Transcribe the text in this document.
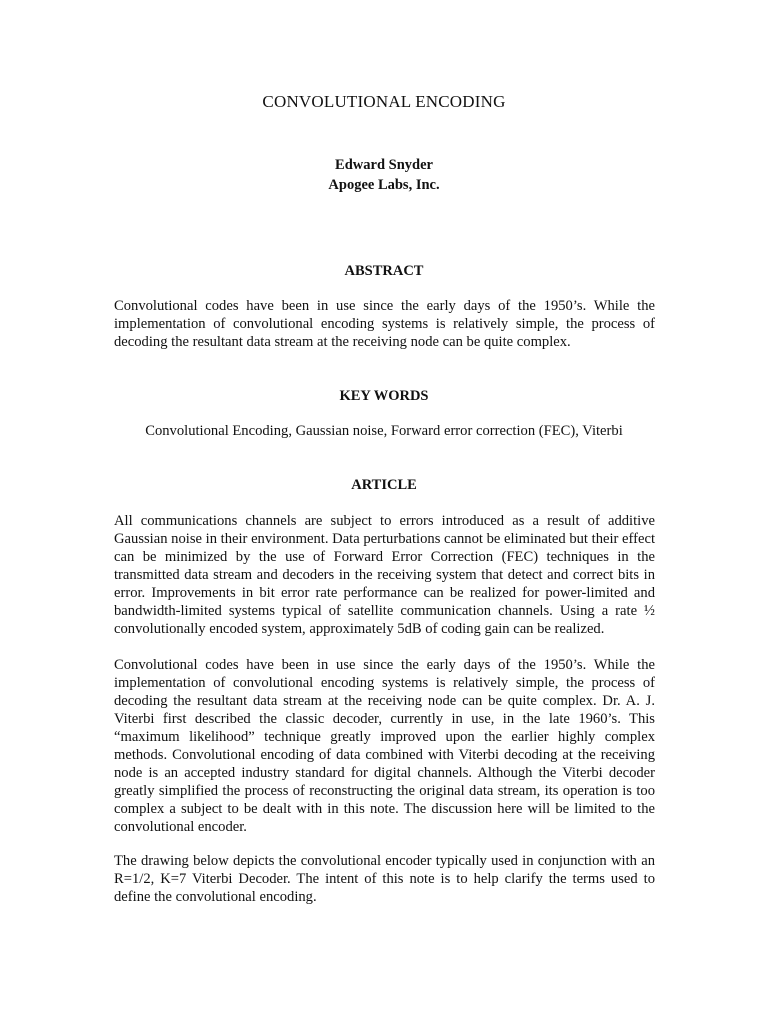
CONVOLUTIONAL ENCODING
Edward Snyder
Apogee Labs, Inc.
ABSTRACT

Convolutional codes have been in use since the early days of the 1950’s. While the implementation of convolutional encoding systems is relatively simple, the process of decoding the resultant data stream at the receiving node can be quite complex.

KEY WORDS

Convolutional Encoding, Gaussian noise, Forward error correction (FEC), Viterbi

ARTICLE

All communications channels are subject to errors introduced as a result of additive Gaussian noise in their environment. Data perturbations cannot be eliminated but their effect can be minimized by the use of Forward Error Correction (FEC) techniques in the transmitted data stream and decoders in the receiving system that detect and correct bits in error. Improvements in bit error rate performance can be realized for power-limited and bandwidth-limited systems typical of satellite communication channels. Using a rate ½ convolutionally encoded system, approximately 5dB of coding gain can be realized.

Convolutional codes have been in use since the early days of the 1950’s. While the implementation of convolutional encoding systems is relatively simple, the process of decoding the resultant data stream at the receiving node can be quite complex. Dr. A. J. Viterbi first described the classic decoder, currently in use, in the late 1960’s. This “maximum likelihood” technique greatly improved upon the earlier highly complex methods. Convolutional encoding of data combined with Viterbi decoding at the receiving node is an accepted industry standard for digital channels. Although the Viterbi decoder greatly simplified the process of reconstructing the original data stream, its operation is too complex a subject to be dealt with in this note. The discussion here will be limited to the convolutional encoder.

The drawing below depicts the convolutional encoder typically used in conjunction with an R=1/2, K=7 Viterbi Decoder. The intent of this note is to help clarify the terms used to define the convolutional encoding.
